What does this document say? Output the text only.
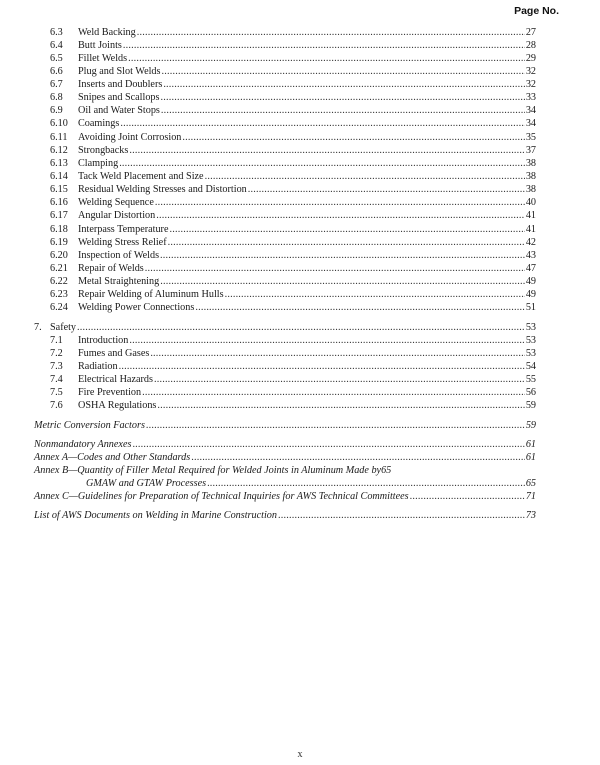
Page No.
6.3	Weld Backing .....	27
6.4	Butt Joints .....	28
6.5	Fillet Welds .....	29
6.6	Plug and Slot Welds .....	32
6.7	Inserts and Doublers .....	32
6.8	Snipes and Scallops .....	33
6.9	Oil and Water Stops .....	34
6.10 Coamings .....	34
6.11	Avoiding Joint Corrosion .....	35
6.12 Strongbacks .....	37
6.13 Clamping .....	38
6.14 Tack Weld Placement and Size .....	38
6.15 Residual Welding Stresses and Distortion .....	38
6.16 Welding Sequence .....	40
6.17 Angular Distortion .....	41
6.18 Interpass Temperature .....	41
6.19 Welding Stress Relief .....	42
6.20 Inspection of Welds .....	43
6.21 Repair of Welds .....	47
6.22 Metal Straightening .....	49
6.23 Repair Welding of Aluminum Hulls .....	49
6.24 Welding Power Connections .....	51
7. Safety .....	53
7.1	Introduction .....	53
7.2	Fumes and Gases .....	53
7.3	Radiation .....	54
7.4	Electrical Hazards .....	55
7.5	Fire Prevention .....	56
7.6	OSHA Regulations .....	59
Metric Conversion Factors .....	59
Nonmandatory Annexes .....	61
Annex A—Codes and Other Standards .....	61
Annex B—Quantity of Filler Metal Required for Welded Joints in Aluminum Made by65
GMAW and GTAW Processes .....	65
Annex C—Guidelines for Preparation of Technical Inquiries for AWS Technical Committees .....	71
List of AWS Documents on Welding in Marine Construction .....	73
x
